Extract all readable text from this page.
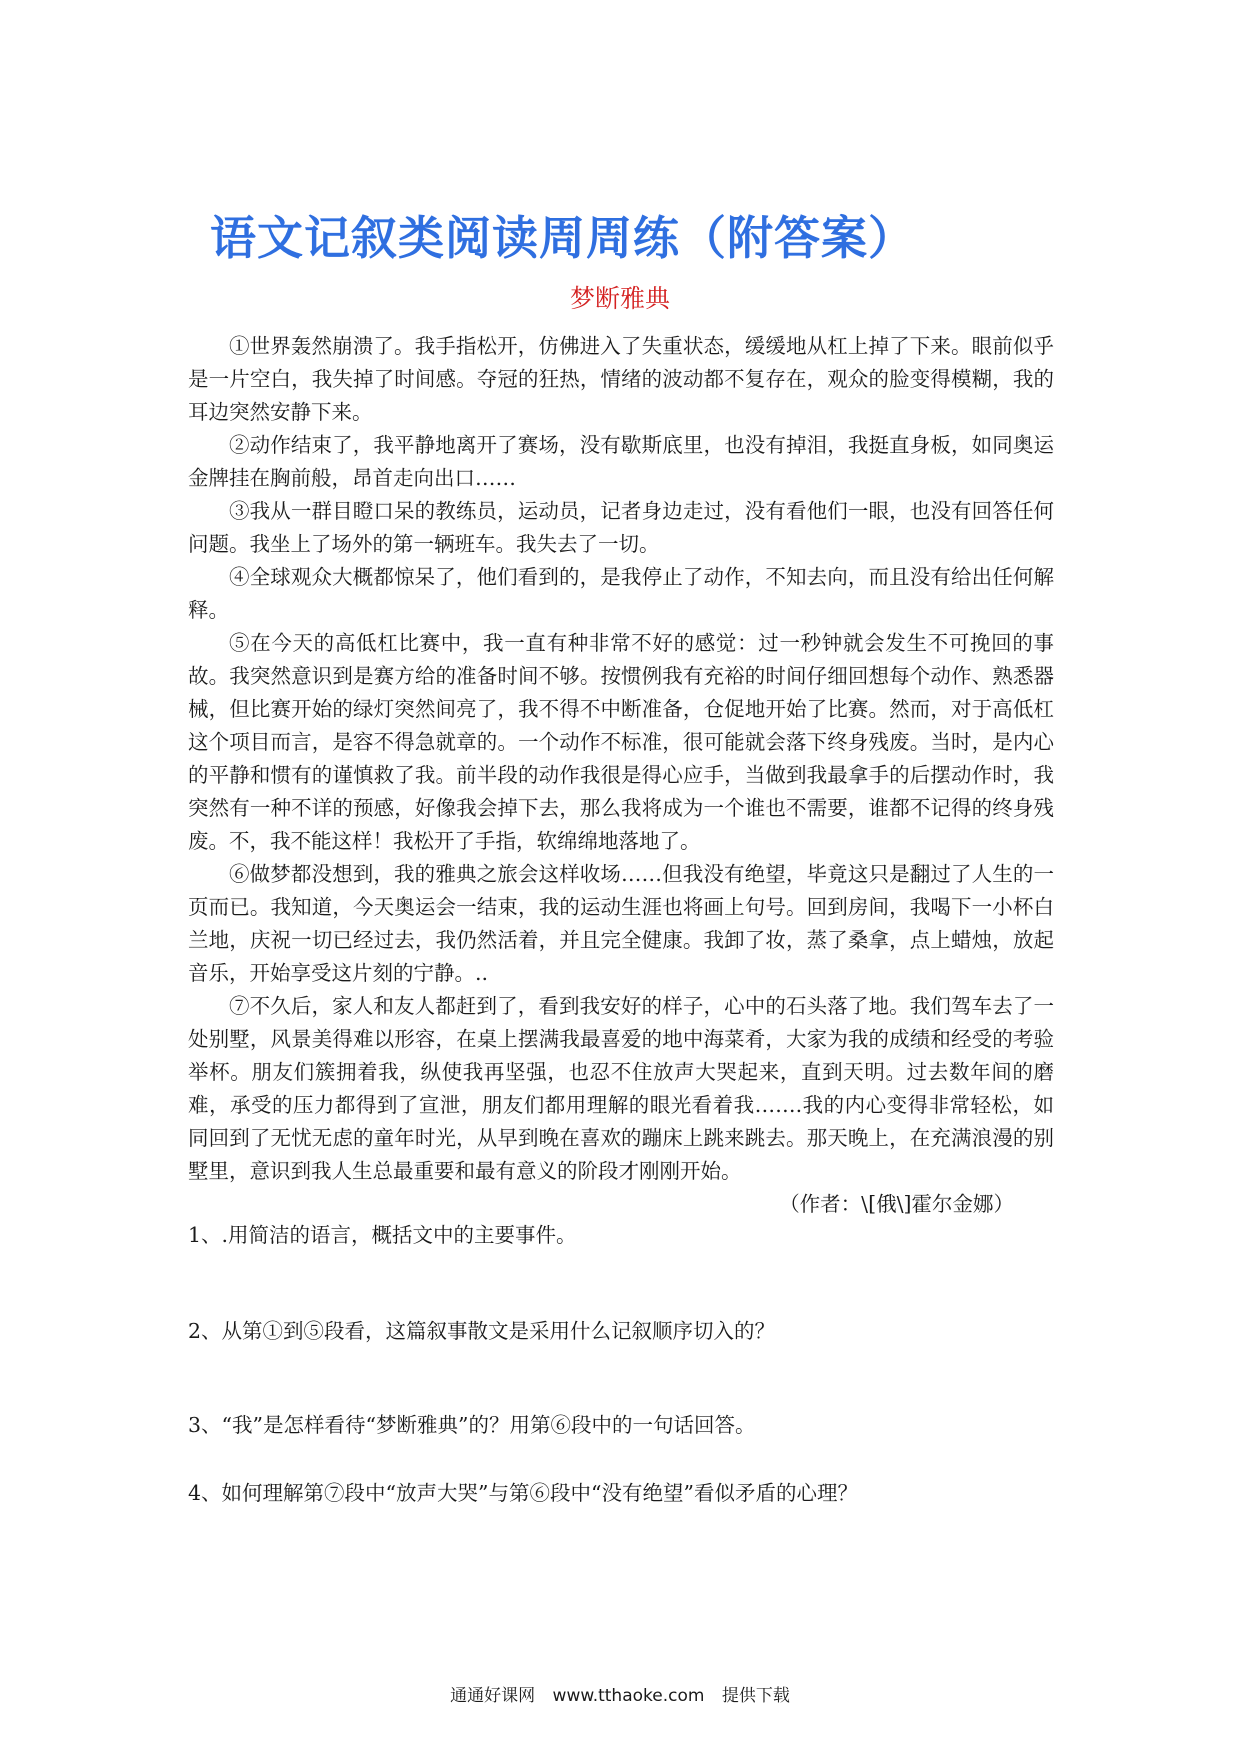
语文记叙类阅读周周练（附答案）
梦断雅典

①世界轰然崩溃了。我手指松开，仿佛进入了失重状态，缓缓地从杠上掉了下来。眼前似乎是一片空白，我失掉了时间感。夺冠的狂热，情绪的波动都不复存在，观众的脸变得模糊，我的耳边突然安静下来。

②动作结束了，我平静地离开了赛场，没有歇斯底里，也没有掉泪，我挺直身板，如同奥运金牌挂在胸前般，昂首走向出口……

③我从一群目瞪口呆的教练员，运动员，记者身边走过，没有看他们一眼，也没有回答任何问题。我坐上了场外的第一辆班车。我失去了一切。

④全球观众大概都惊呆了，他们看到的，是我停止了动作，不知去向，而且没有给出任何解释。

⑤在今天的高低杠比赛中，我一直有种非常不好的感觉：过一秒钟就会发生不可挽回的事故。我突然意识到是赛方给的准备时间不够。按惯例我有充裕的时间仔细回想每个动作、熟悉器械，但比赛开始的绿灯突然间亮了，我不得不中断准备，仓促地开始了比赛。然而，对于高低杠这个项目而言，是容不得急就章的。一个动作不标准，很可能就会落下终身残废。当时，是内心的平静和惯有的谨慎救了我。前半段的动作我很是得心应手，当做到我最拿手的后摆动作时，我突然有一种不详的预感，好像我会掉下去，那么我将成为一个谁也不需要，谁都不记得的终身残废。不，我不能这样！我松开了手指，软绵绵地落地了。

⑥做梦都没想到，我的雅典之旅会这样收场……但我没有绝望，毕竟这只是翻过了人生的一页而已。我知道，今天奥运会一结束，我的运动生涯也将画上句号。回到房间，我喝下一小杯白兰地，庆祝一切已经过去，我仍然活着，并且完全健康。我卸了妆，蒸了桑拿，点上蜡烛，放起音乐，开始享受这片刻的宁静。..

⑦不久后，家人和友人都赶到了，看到我安好的样子，心中的石头落了地。我们驾车去了一处别墅，风景美得难以形容，在桌上摆满我最喜爱的地中海菜肴，大家为我的成绩和经受的考验举杯。朋友们簇拥着我，纵使我再坚强，也忍不住放声大哭起来，直到天明。过去数年间的磨难，承受的压力都得到了宣泄，朋友们都用理解的眼光看着我…….我的内心变得非常轻松，如同回到了无忧无虑的童年时光，从早到晚在喜欢的蹦床上跳来跳去。那天晚上，在充满浪漫的别墅里，意识到我人生总最重要和最有意义的阶段才刚刚开始。

（作者：\[俄\]霍尔金娜）

1、.用简洁的语言，概括文中的主要事件。

2、从第①到⑤段看，这篇叙事散文是采用什么记叙顺序切入的？

3、“我”是怎样看待“梦断雅典”的？用第⑥段中的一句话回答。

4、如何理解第⑦段中“放声大哭”与第⑥段中“没有绝望”看似矛盾的心理？

通通好课网 www.tthaoke.com 提供下载
